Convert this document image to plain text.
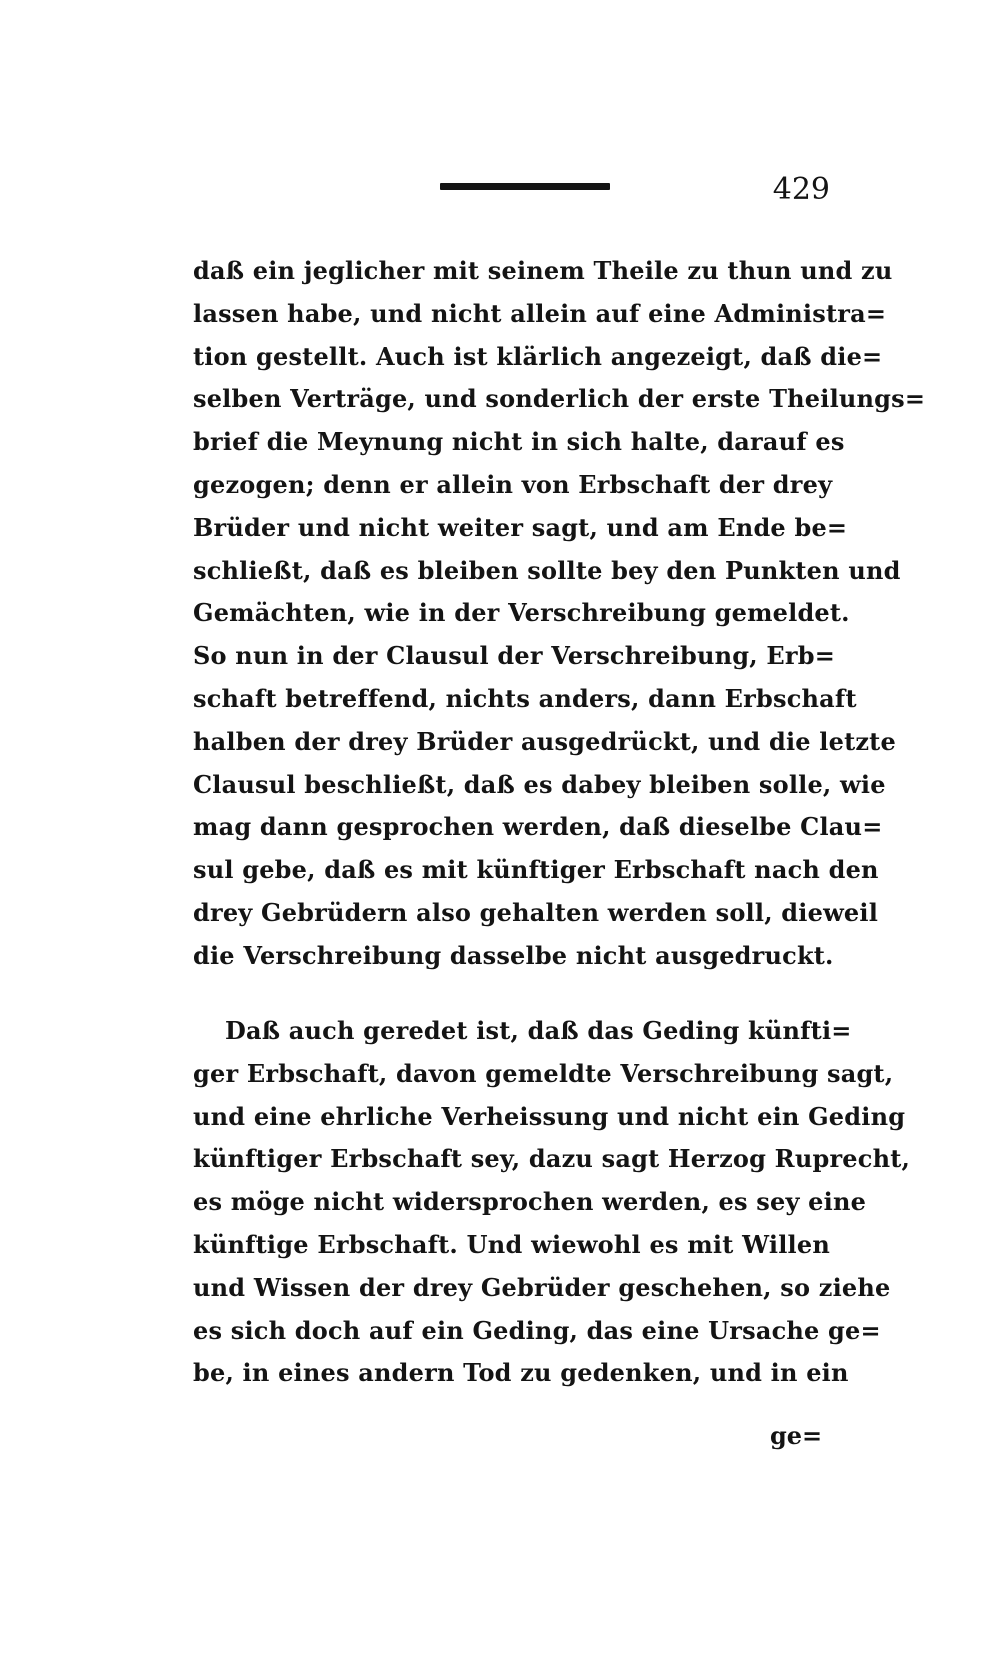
429
daß ein jeglicher mit seinem Theile zu thun und zu
lassen habe, und nicht allein auf eine Administra=
tion gestellt. Auch ist klärlich angezeigt, daß die=
selben Verträge, und sonderlich der erste Theilungs=
brief die Meynung nicht in sich halte, darauf es
gezogen; denn er allein von Erbschaft der drey
Brüder und nicht weiter sagt, und am Ende be=
schließt, daß es bleiben sollte bey den Punkten und
Gemächten, wie in der Verschreibung gemeldet.
So nun in der Clausul der Verschreibung, Erb=
schaft betreffend, nichts anders, dann Erbschaft
halben der drey Brüder ausgedrückt, und die letzte
Clausul beschließt, daß es dabey bleiben solle, wie
mag dann gesprochen werden, daß dieselbe Clau=
sul gebe, daß es mit künftiger Erbschaft nach den
drey Gebrüdern also gehalten werden soll, dieweil
die Verschreibung dasselbe nicht ausgedruckt.
Daß auch geredet ist, daß das Geding künfti=
ger Erbschaft, davon gemeldte Verschreibung sagt,
und eine ehrliche Verheissung und nicht ein Geding
künftiger Erbschaft sey, dazu sagt Herzog Ruprecht,
es möge nicht widersprochen werden, es sey eine
künftige Erbschaft. Und wiewohl es mit Willen
und Wissen der drey Gebrüder geschehen, so ziehe
es sich doch auf ein Geding, das eine Ursache ge=
be, in eines andern Tod zu gedenken, und in ein
ge=
